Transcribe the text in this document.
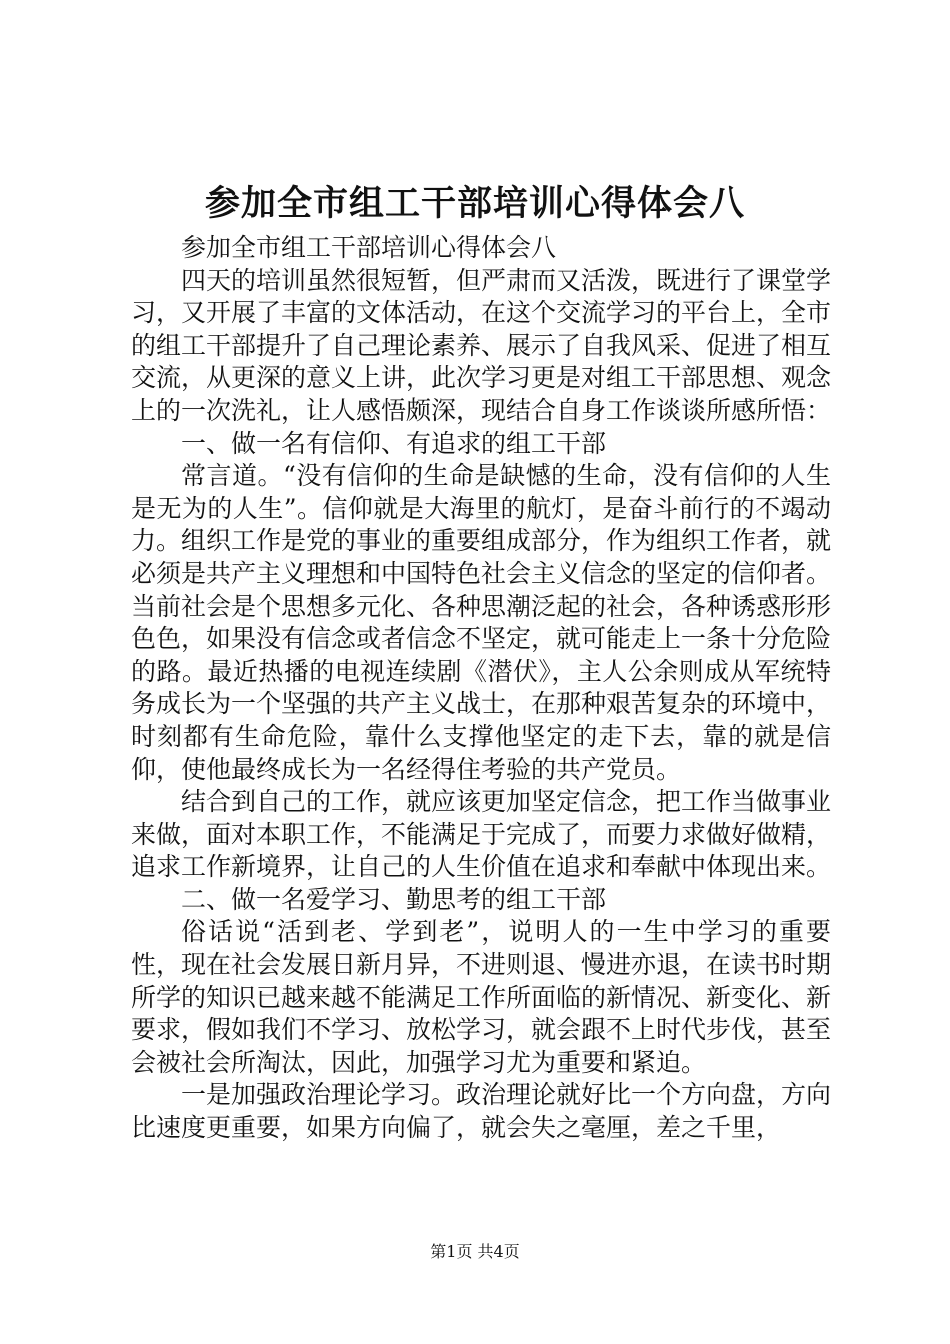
参加全市组工干部培训心得体会八

参加全市组工干部培训心得体会八

四天的培训虽然很短暂，但严肃而又活泼，既进行了课堂学习，又开展了丰富的文体活动，在这个交流学习的平台上，全市的组工干部提升了自己理论素养、展示了自我风采、促进了相互交流，从更深的意义上讲，此次学习更是对组工干部思想、观念上的一次洗礼，让人感悟颇深，现结合自身工作谈谈所感所悟：

一、做一名有信仰、有追求的组工干部

常言道。“没有信仰的生命是缺憾的生命，没有信仰的人生是无为的人生”。信仰就是大海里的航灯，是奋斗前行的不竭动力。组织工作是党的事业的重要组成部分，作为组织工作者，就必须是共产主义理想和中国特色社会主义信念的坚定的信仰者。当前社会是个思想多元化、各种思潮泛起的社会，各种诱惑形形色色，如果没有信念或者信念不坚定，就可能走上一条十分危险的路。最近热播的电视连续剧《潜伏》，主人公余则成从军统特务成长为一个坚强的共产主义战士，在那种艰苦复杂的环境中，时刻都有生命危险，靠什么支撑他坚定的走下去，靠的就是信仰，使他最终成长为一名经得住考验的共产党员。

结合到自己的工作，就应该更加坚定信念，把工作当做事业来做，面对本职工作，不能满足于完成了，而要力求做好做精，追求工作新境界，让自己的人生价值在追求和奉献中体现出来。

二、做一名爱学习、勤思考的组工干部

俗话说“活到老、学到老”，说明人的一生中学习的重要性，现在社会发展日新月异，不进则退、慢进亦退，在读书时期所学的知识已越来越不能满足工作所面临的新情况、新变化、新要求，假如我们不学习、放松学习，就会跟不上时代步伐，甚至会被社会所淘汰，因此，加强学习尤为重要和紧迫。

一是加强政治理论学习。政治理论就好比一个方向盘，方向比速度更重要，如果方向偏了，就会失之毫厘，差之千里，

第1页 共4页
